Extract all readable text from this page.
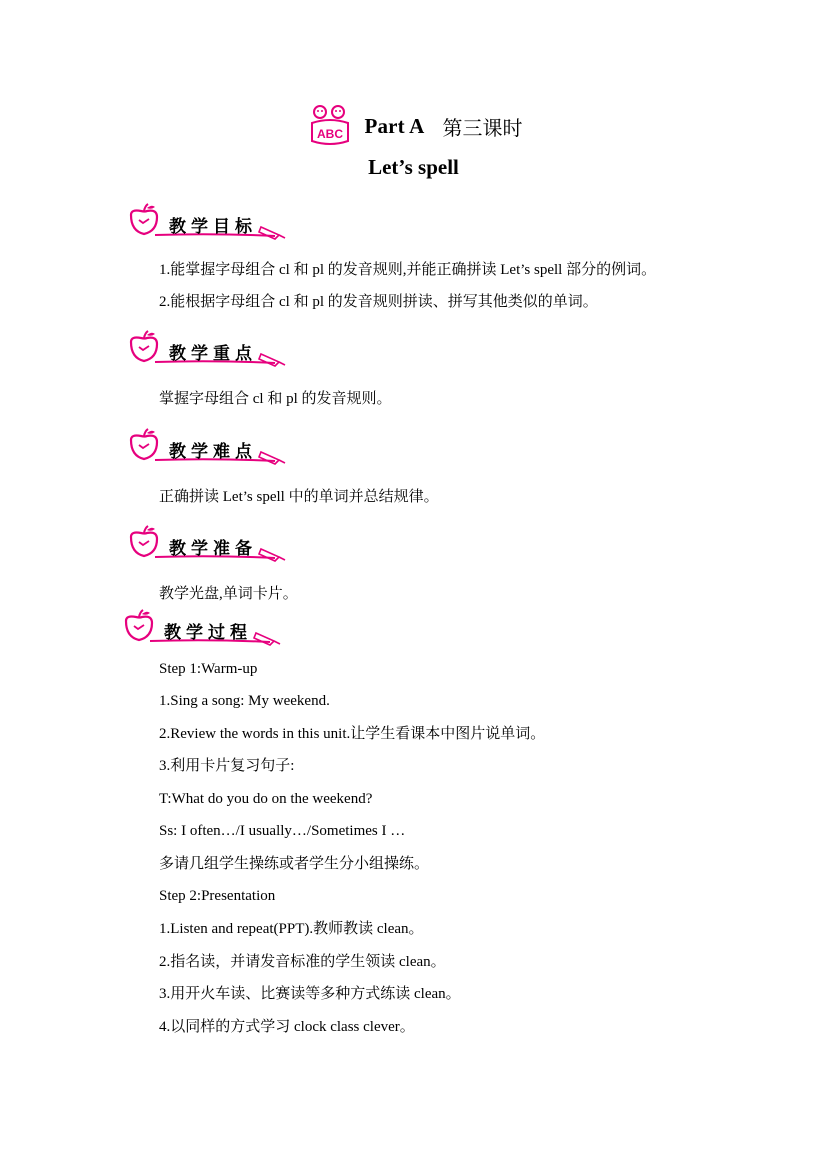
ABC Part A 第三课时
Let’s spell
教学目标
1.能掌握字母组合 cl 和 pl 的发音规则,并能正确拼读 Let’s spell 部分的例词。
2.能根据字母组合 cl 和 pl 的发音规则拼读、拼写其他类似的单词。
教学重点
掌握字母组合 cl 和 pl 的发音规则。
教学难点
正确拼读 Let’s spell 中的单词并总结规律。
教学准备
教学光盘,单词卡片。
教学过程
Step 1:Warm-up
1.Sing a song: My weekend.
2.Review the words in this unit.让学生看课本中图片说单词。
3.利用卡片复习句子:
T:What do you do on the weekend?
Ss: I often…/I usually…/Sometimes I …
多请几组学生操练或者学生分小组操练。
Step 2:Presentation
1.Listen and repeat(PPT).教师教读 clean。
2.指名读，并请发音标准的学生领读 clean。
3.用开火车读、比赛读等多种方式练读 clean。
4.以同样的方式学习 clock class clever。
